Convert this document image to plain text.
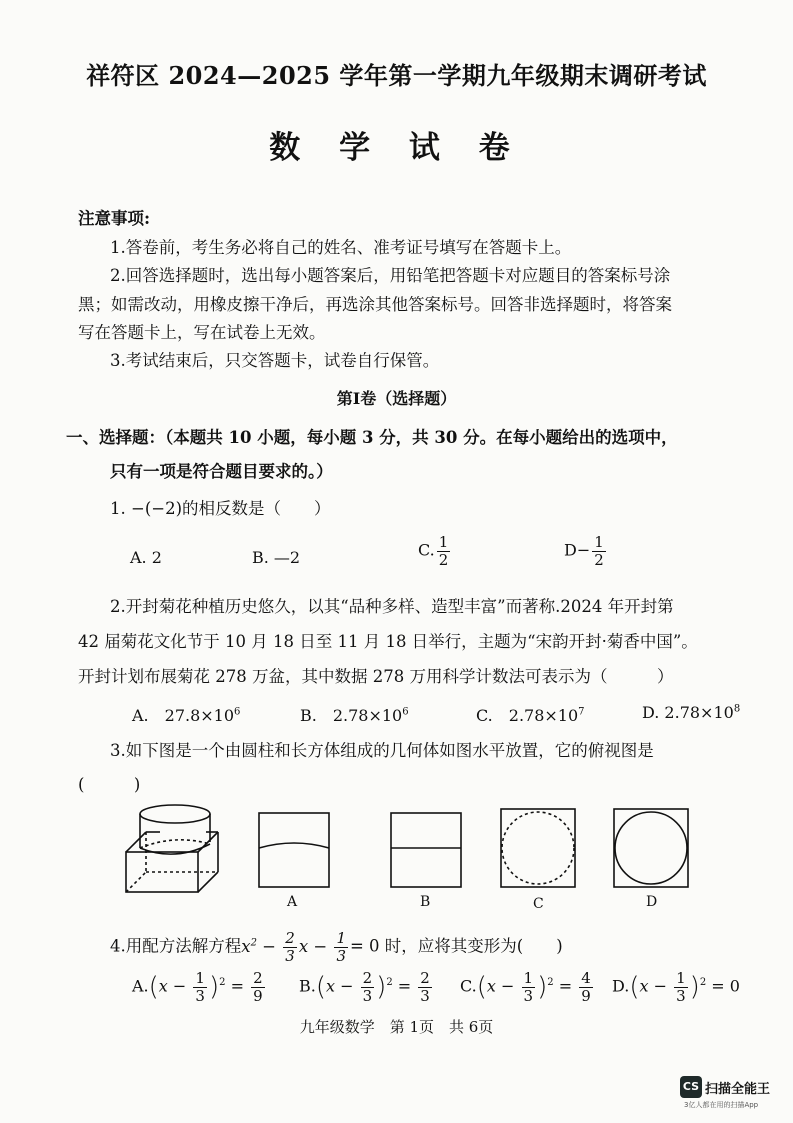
祥符区 2024—2025 学年第一学期九年级期末调研考试
数 学 试 卷
注意事项:
1.答卷前，考生务必将自己的姓名、准考证号填写在答题卡上。
2.回答选择题时，选出每小题答案后，用铅笔把答题卡对应题目的答案标号涂
黑；如需改动，用橡皮擦干净后，再选涂其他答案标号。回答非选择题时，将答案
写在答题卡上，写在试卷上无效。
3.考试结束后，只交答题卡，试卷自行保管。
第Ⅰ卷（选择题）
一、选择题：（本题共 10 小题，每小题 3 分，共 30 分。在每小题给出的选项中，
只有一项是符合题目要求的。）
1. −(−2)的相反数是（　　）
A. 2	B. —2	C. $\frac{1}{2}$	$D- \frac{1}{2}$
2.开封菊花种植历史悠久，以其“品种多样、造型丰富”而著称.2024 年开封第
42 届菊花文化节于 10 月 18 日至 11 月 18 日举行，主题为“宋韵开封·菊香中国”。
开封计划布展菊花 278 万盆，其中数据 278 万用科学计数法可表示为（　　　）
A.　$27.8\times 10^6$	B.　$2.78\times 10^6$	C.　$2.78\times 10^7$	D. $2.78\times 10^8$
3.如下图是一个由圆柱和长方体组成的几何体如图水平放置，它的俯视图是
(　　　)
A	B	C	D
4.用配方法解方程$x^2 - \frac{2}{3}$ $x - \frac{1}{3} = 0$ 时，应将其变形为(　　)
$A.(x - \frac{1}{3} )^2 = \frac{2}{9} B.(x - \frac{2}{3} )^2 = \frac{2}{3} C.(x - \frac{1}{3} )^2 = \frac{4}{9} D.(x - \frac{1}{3} )^2 = 0$
九年级数学　第 1页　共 6页
CS 扫描全能王
3亿人都在用的扫描App
